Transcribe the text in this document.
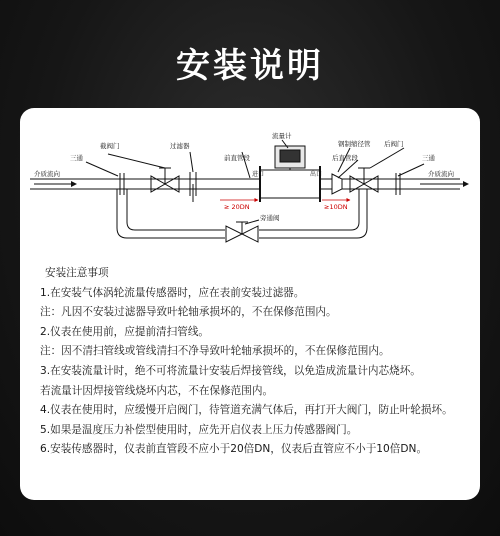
安装说明
三通
截阀门	过滤器
前直管段
流量计
钢制缩径管 后阀门
三通
进口	出口
后直管段
旁通阀
介质流向	介质流向
≥ 20DN	≥10DN
安装注意事项
1.在安装气体涡轮流量传感器时，应在表前安装过滤器。
注：凡因不安装过滤器导致叶轮轴承损坏的，不在保修范围内。
2.仪表在使用前，应提前清扫管线。
注：因不清扫管线或管线清扫不净导致叶轮轴承损坏的，不在保修范围内。
3.在安装流量计时，绝不可将流量计安装后焊接管线，以免造成流量计内芯烧坏。
若流量计因焊接管线烧坏内芯，不在保修范围内。
4.仪表在使用时，应缓慢开启阀门，待管道充满气体后，再打开大阀门，防止叶轮损坏。
5.如果是温度压力补偿型使用时，应先开启仪表上压力传感器阀门。
6.安装传感器时，仪表前直管段不应小于20倍DN，仪表后直管应不小于10倍DN。
